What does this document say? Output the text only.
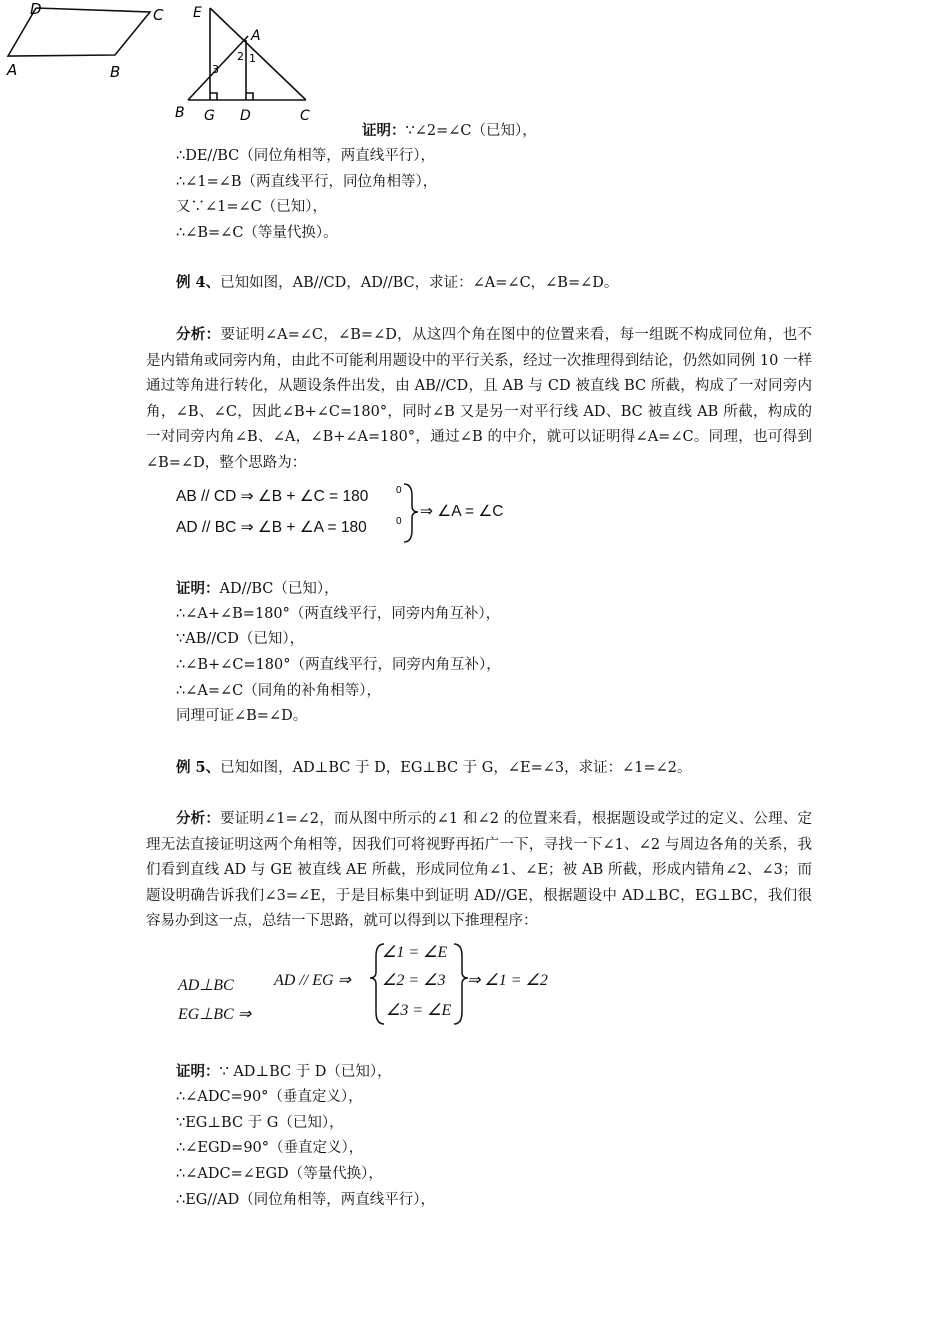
D	C
A	B
E
A
2 1
3
B G D	C
证明：∵∠2=∠C（已知），
∴DE//BC（同位角相等，两直线平行），
∴∠1=∠B（两直线平行，同位角相等），
又∵∠1=∠C（已知），
∴∠B=∠C（等量代换）。
例 4、已知如图，AB//CD，AD//BC，求证：∠A=∠C，∠B=∠D。
分析：要证明∠A=∠C，∠B=∠D，从这四个角在图中的位置来看，每一组既不构成同位角，也不是内错角或同旁内角，由此不可能利用题设中的平行关系，经过一次推理得到结论，仍然如同例 10 一样通过等角进行转化，从题设条件出发，由 AB//CD，且 AB 与 CD 被直线 BC 所截，构成了一对同旁内角，∠B、∠C，因此∠B+∠C=180°，同时∠B 又是另一对平行线 AD、BC 被直线 AB 所截，构成的一对同旁内角∠B、∠A，∠B+∠A=180°，通过∠B 的中介，就可以证明得∠A=∠C。同理，也可得到∠B=∠D，整个思路为：
AB // CD ⇒ ∠B + ∠C = 180	0
AD // BC ⇒ ∠B + ∠A = 180	0
⇒ ∠A = ∠C
证明：AD//BC（已知），
∴∠A+∠B=180°（两直线平行，同旁内角互补），
∵AB//CD（已知），
∴∠B+∠C=180°（两直线平行，同旁内角互补），
∴∠A=∠C（同角的补角相等），
同理可证∠B=∠D。
例 5、已知如图，AD⊥BC 于 D，EG⊥BC 于 G，∠E=∠3，求证：∠1=∠2。
分析：要证明∠1=∠2，而从图中所示的∠1 和∠2 的位置来看，根据题设或学过的定义、公理、定理无法直接证明这两个角相等，因我们可将视野再拓广一下，寻找一下∠1、∠2 与周边各角的关系，我们看到直线 AD 与 GE 被直线 AE 所截，形成同位角∠1、∠E；被 AB 所截，形成内错角∠2、∠3；而题设明确告诉我们∠3=∠E，于是目标集中到证明 AD//GE，根据题设中 AD⊥BC，EG⊥BC，我们很容易办到这一点，总结一下思路，就可以得到以下推理程序：
AD⊥BC
EG⊥BC ⇒
AD // EG ⇒
∠1 = ∠E
∠2 = ∠3
∠3 = ∠E
⇒ ∠1 = ∠2
证明：∵ AD⊥BC 于 D（已知），
∴∠ADC=90°（垂直定义），
∵EG⊥BC 于 G（已知），
∴∠EGD=90°（垂直定义），
∴∠ADC=∠EGD（等量代换），
∴EG//AD（同位角相等，两直线平行），
